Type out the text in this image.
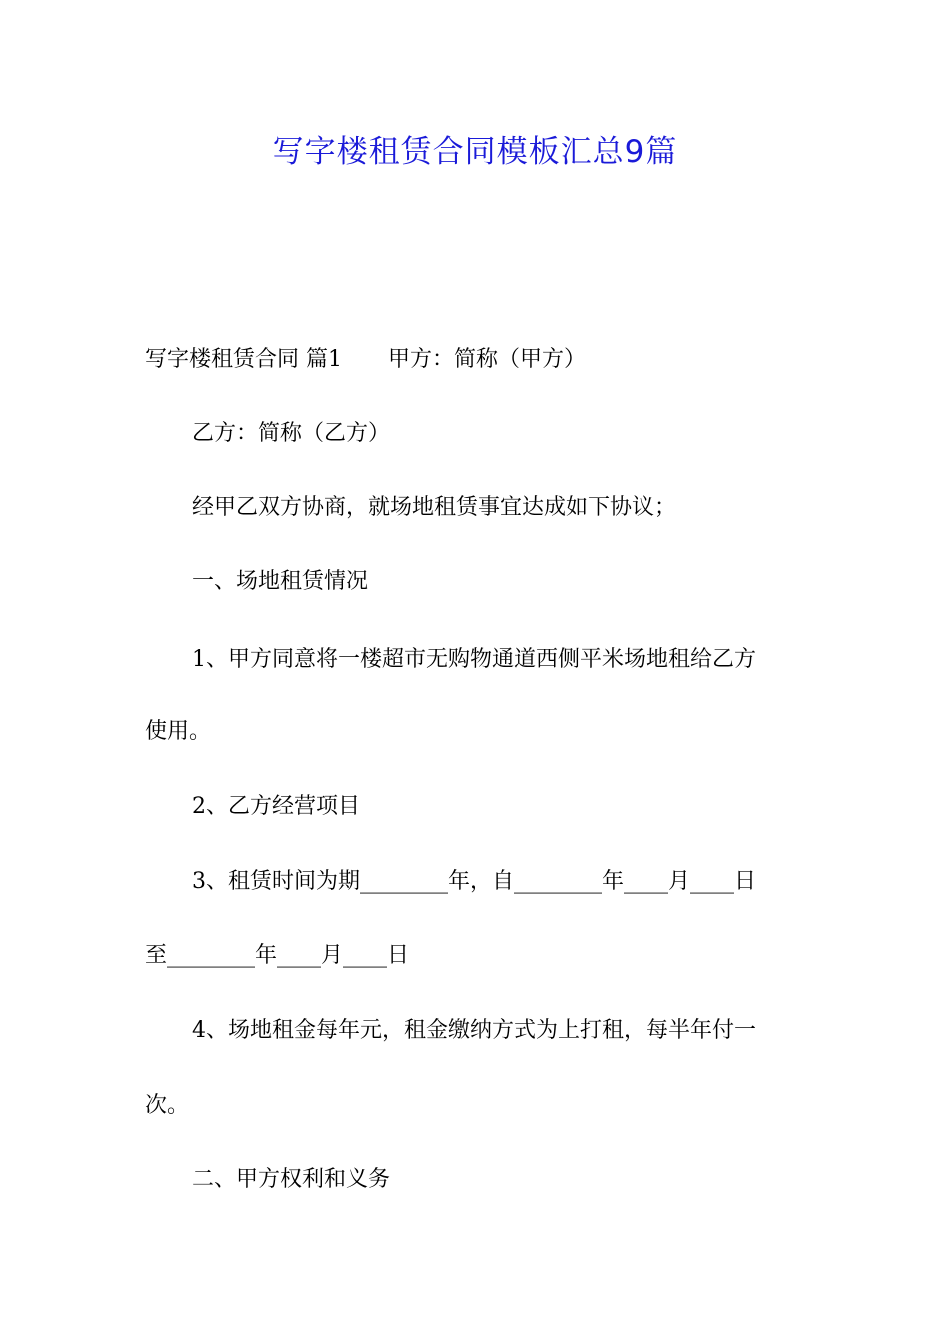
写字楼租赁合同模板汇总9篇

写字楼租赁合同 篇1 甲方：简称（甲方）

乙方：简称（乙方）

经甲乙双方协商，就场地租赁事宜达成如下协议；

一、场地租赁情况

1、甲方同意将一楼超市无购物通道西侧平米场地租给乙方

使用。

2、乙方经营项目

3、租赁时间为期________年，自________年____月____日

至________年____月____日

4、场地租金每年元，租金缴纳方式为上打租，每半年付一

次。

二、甲方权利和义务
